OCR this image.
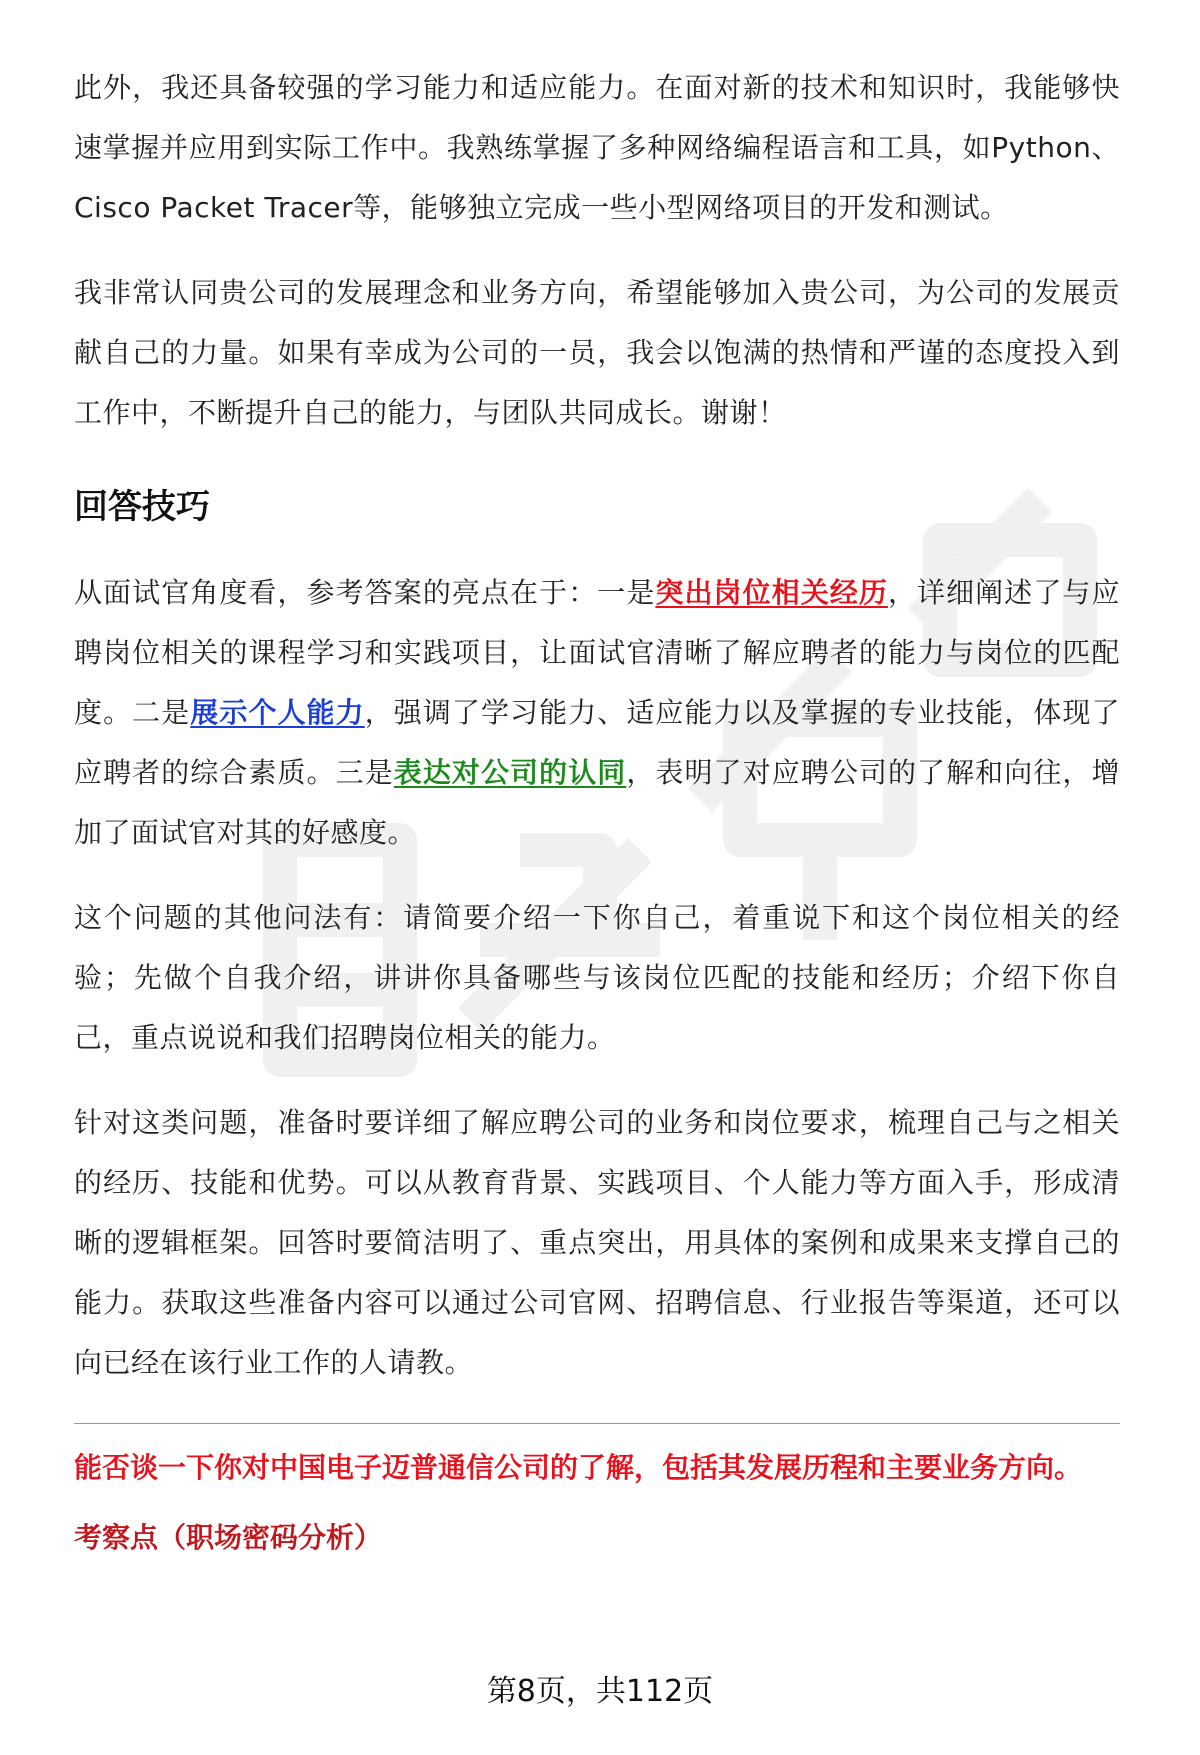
此外，我还具备较强的学习能力和适应能力。在面对新的技术和知识时，我能够快速掌握并应用到实际工作中。我熟练掌握了多种网络编程语言和工具，如Python、Cisco Packet Tracer等，能够独立完成一些小型网络项目的开发和测试。

我非常认同贵公司的发展理念和业务方向，希望能够加入贵公司，为公司的发展贡献自己的力量。如果有幸成为公司的一员，我会以饱满的热情和严谨的态度投入到工作中，不断提升自己的能力，与团队共同成长。谢谢！

回答技巧

从面试官角度看，参考答案的亮点在于：一是突出岗位相关经历，详细阐述了与应聘岗位相关的课程学习和实践项目，让面试官清晰了解应聘者的能力与岗位的匹配度。二是展示个人能力，强调了学习能力、适应能力以及掌握的专业技能，体现了应聘者的综合素质。三是表达对公司的认同，表明了对应聘公司的了解和向往，增加了面试官对其的好感度。

这个问题的其他问法有：请简要介绍一下你自己，着重说下和这个岗位相关的经验；先做个自我介绍，讲讲你具备哪些与该岗位匹配的技能和经历；介绍下你自己，重点说说和我们招聘岗位相关的能力。

针对这类问题，准备时要详细了解应聘公司的业务和岗位要求，梳理自己与之相关的经历、技能和优势。可以从教育背景、实践项目、个人能力等方面入手，形成清晰的逻辑框架。回答时要简洁明了、重点突出，用具体的案例和成果来支撑自己的能力。获取这些准备内容可以通过公司官网、招聘信息、行业报告等渠道，还可以向已经在该行业工作的人请教。

能否谈一下你对中国电子迈普通信公司的了解，包括其发展历程和主要业务方向。
考察点（职场密码分析）
第8页，共112页
